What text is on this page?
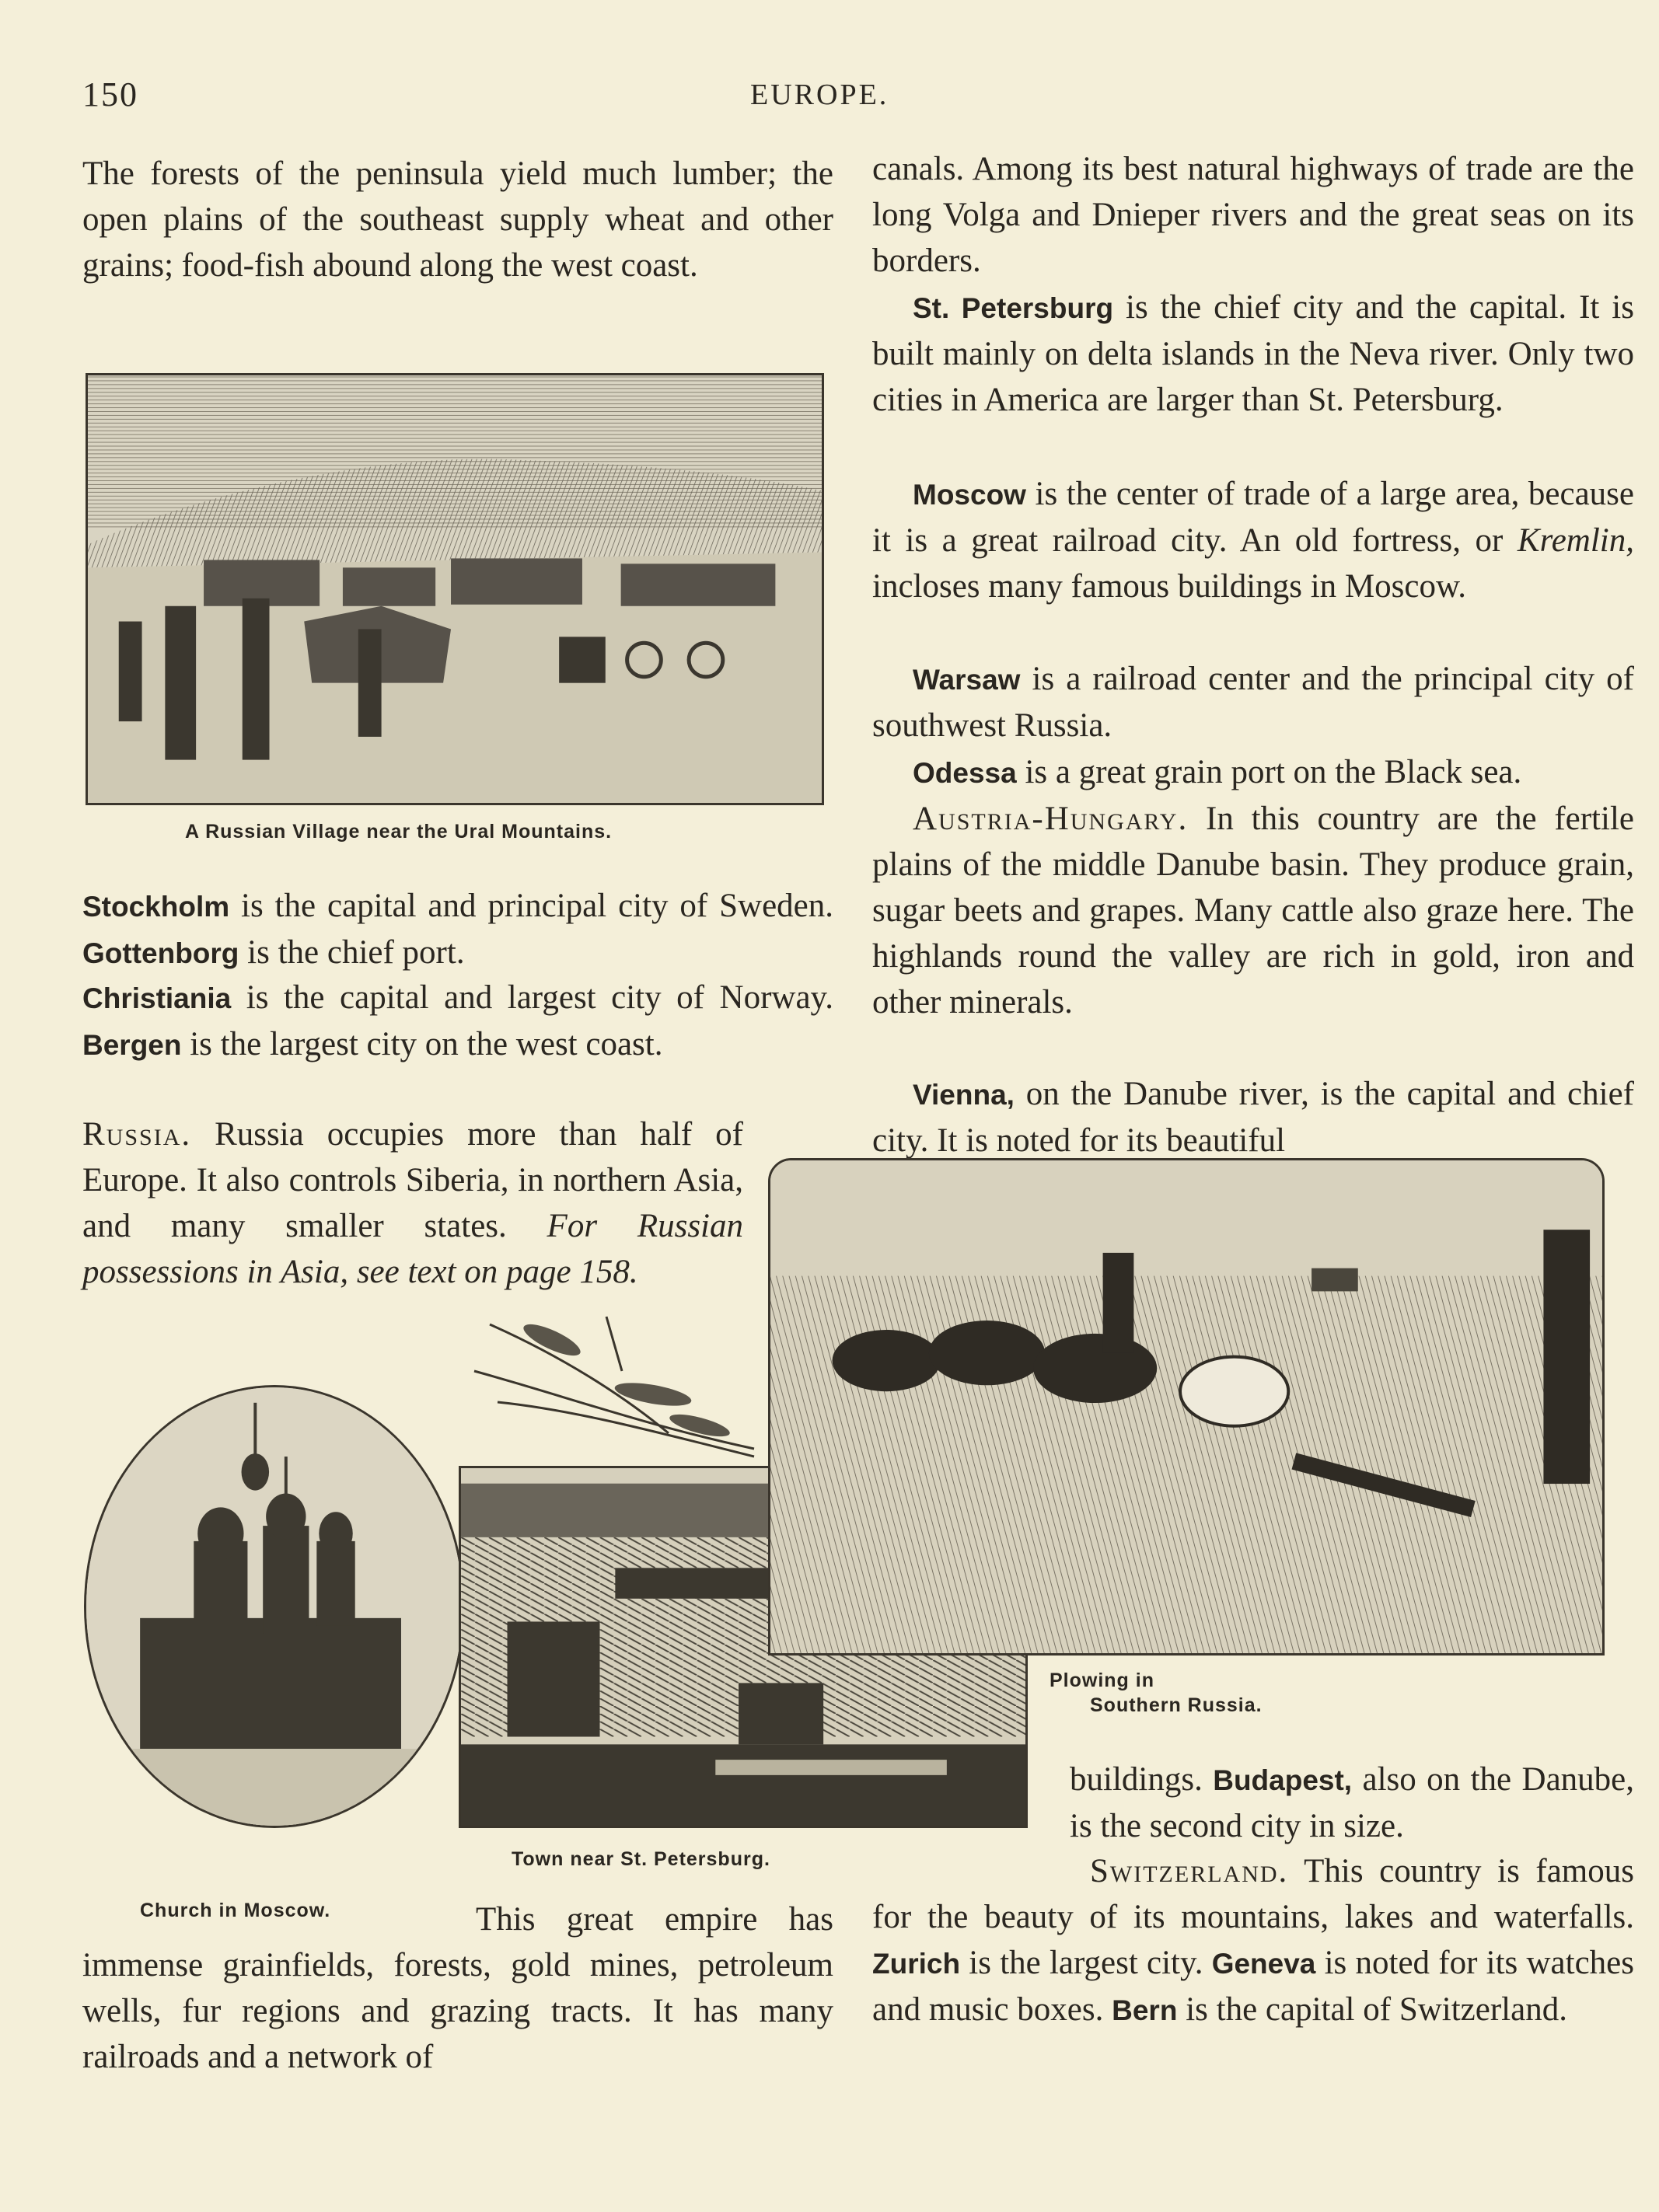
150	EUROPE.
The forests of the peninsula yield much lumber; the open plains of the southeast supply wheat and other grains; food-fish abound along the west coast.
A Russian Village near the Ural Mountains.
Stockholm is the capital and principal city of Sweden. Gottenborg is the chief port.
Christiania is the capital and largest city of Norway. Bergen is the largest city on the west coast.
Russia. Russia occupies more than half of Europe. It also controls Siberia, in northern Asia, and many smaller states. For Russian possessions in Asia, see text on page 158.
Church in Moscow.
Town near St. Petersburg.
This great empire has immense grainfields, forests, gold mines, petroleum wells, fur regions and grazing tracts. It has many railroads and a network of
canals. Among its best natural highways of trade are the long Volga and Dnieper rivers and the great seas on its borders.
St. Petersburg is the chief city and the capital. It is built mainly on delta islands in the Neva river. Only two cities in America are larger than St. Petersburg.
Moscow is the center of trade of a large area, because it is a great railroad city. An old fortress, or Kremlin, incloses many famous buildings in Moscow.
Warsaw is a railroad center and the principal city of southwest Russia.
Odessa is a great grain port on the Black sea.
Austria-Hungary. In this country are the fertile plains of the middle Danube basin. They produce grain, sugar beets and grapes. Many cattle also graze here. The highlands round the valley are rich in gold, iron and other minerals.
Vienna, on the Danube river, is the capital and chief city. It is noted for its beautiful
Plowing in
Southern Russia.
buildings. Budapest, also on the Danube, is the second city in size.
Switzerland. This country is famous for the beauty of its mountains, lakes and waterfalls. Zurich is the largest city. Geneva is noted for its watches and music boxes. Bern is the capital of Switzerland.
